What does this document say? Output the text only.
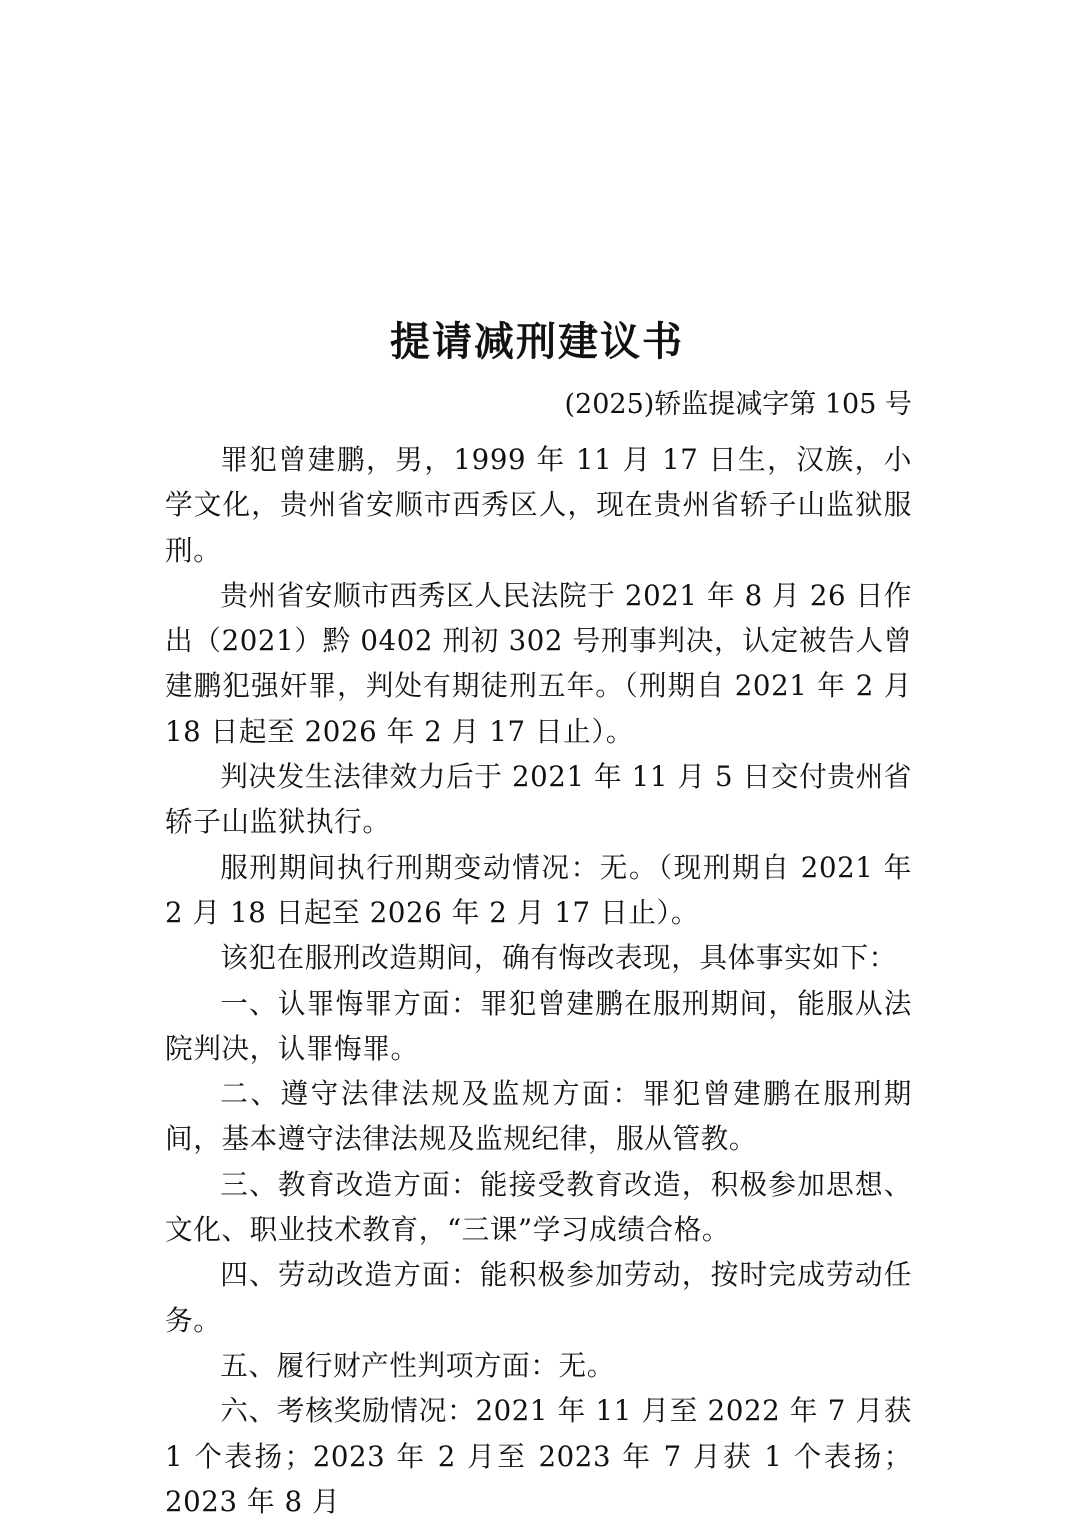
提请减刑建议书
(2025)轿监提减字第 105 号

罪犯曾建鹏，男，1999 年 11 月 17 日生，汉族，小学文化，贵州省安顺市西秀区人，现在贵州省轿子山监狱服刑。

贵州省安顺市西秀区人民法院于 2021 年 8 月 26 日作出（2021）黔 0402 刑初 302 号刑事判决，认定被告人曾建鹏犯强奸罪，判处有期徒刑五年。（刑期自 2021 年 2 月 18 日起至 2026 年 2 月 17 日止）。

判决发生法律效力后于 2021 年 11 月 5 日交付贵州省轿子山监狱执行。

服刑期间执行刑期变动情况：无。（现刑期自 2021 年 2 月 18 日起至 2026 年 2 月 17 日止）。

该犯在服刑改造期间，确有悔改表现，具体事实如下：

一、认罪悔罪方面：罪犯曾建鹏在服刑期间，能服从法院判决，认罪悔罪。

二、遵守法律法规及监规方面：罪犯曾建鹏在服刑期间，基本遵守法律法规及监规纪律，服从管教。

三、教育改造方面：能接受教育改造，积极参加思想、文化、职业技术教育，“三课”学习成绩合格。

四、劳动改造方面：能积极参加劳动，按时完成劳动任务。

五、履行财产性判项方面：无。

六、考核奖励情况：2021 年 11 月至 2022 年 7 月获 1 个表扬；2023 年 2 月至 2023 年 7 月获 1 个表扬；2023 年 8 月
